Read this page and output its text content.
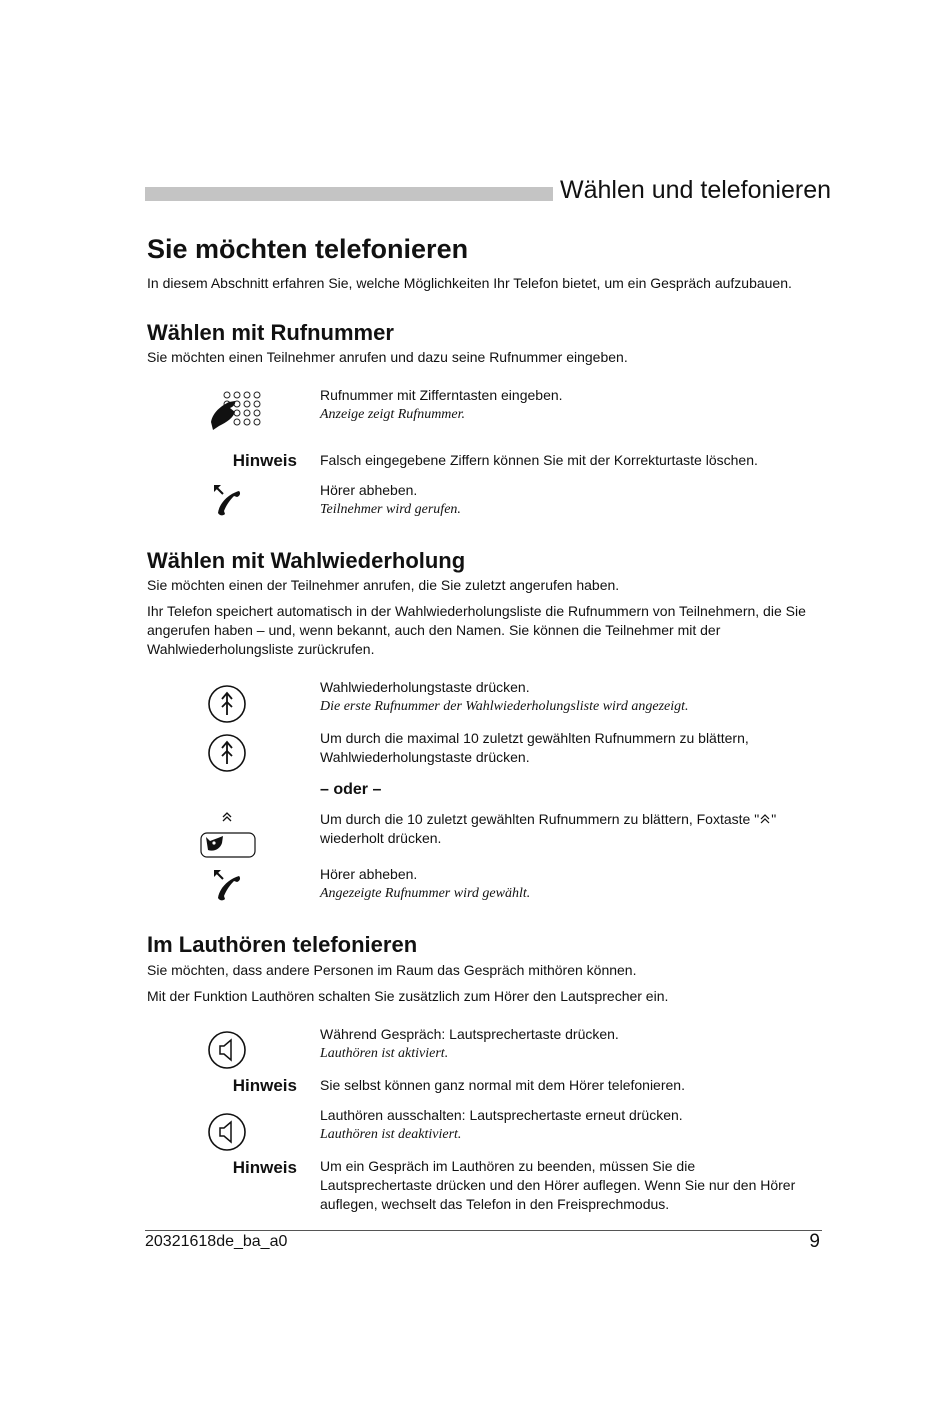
Wählen und telefonieren
Sie möchten telefonieren
In diesem Abschnitt erfahren Sie, welche Möglichkeiten Ihr Telefon bietet, um ein Gespräch aufzubauen.
Wählen mit Rufnummer
Sie möchten einen Teilnehmer anrufen und dazu seine Rufnummer eingeben.
Rufnummer mit Zifferntasten eingeben.
Anzeige zeigt Rufnummer.
Hinweis Falsch eingegebene Ziffern können Sie mit der Korrekturtaste löschen.
Hörer abheben.
Teilnehmer wird gerufen.
Wählen mit Wahlwiederholung
Sie möchten einen der Teilnehmer anrufen, die Sie zuletzt angerufen haben.
Ihr Telefon speichert automatisch in der Wahlwiederholungsliste die Rufnummern von Teilnehmern, die Sie angerufen haben – und, wenn bekannt, auch den Namen. Sie können die Teilnehmer mit der Wahlwiederholungsliste zurückrufen.
Wahlwiederholungstaste drücken.
Die erste Rufnummer der Wahlwiederholungsliste wird angezeigt.
Um durch die maximal 10 zuletzt gewählten Rufnummern zu blättern, Wahlwiederholungstaste drücken.
– oder –
Um durch die 10 zuletzt gewählten Rufnummern zu blättern, Foxtaste " " wiederholt drücken.
Hörer abheben.
Angezeigte Rufnummer wird gewählt.
Im Lauthören telefonieren
Sie möchten, dass andere Personen im Raum das Gespräch mithören können.
Mit der Funktion Lauthören schalten Sie zusätzlich zum Hörer den Lautsprecher ein.
Während Gespräch: Lautsprechertaste drücken.
Lauthören ist aktiviert.
Hinweis Sie selbst können ganz normal mit dem Hörer telefonieren.
Lauthören ausschalten: Lautsprechertaste erneut drücken.
Lauthören ist deaktiviert.
Hinweis Um ein Gespräch im Lauthören zu beenden, müssen Sie die Lautsprechertaste drücken und den Hörer auflegen. Wenn Sie nur den Hörer auflegen, wechselt das Telefon in den Freisprechmodus.
20321618de_ba_a0	9
